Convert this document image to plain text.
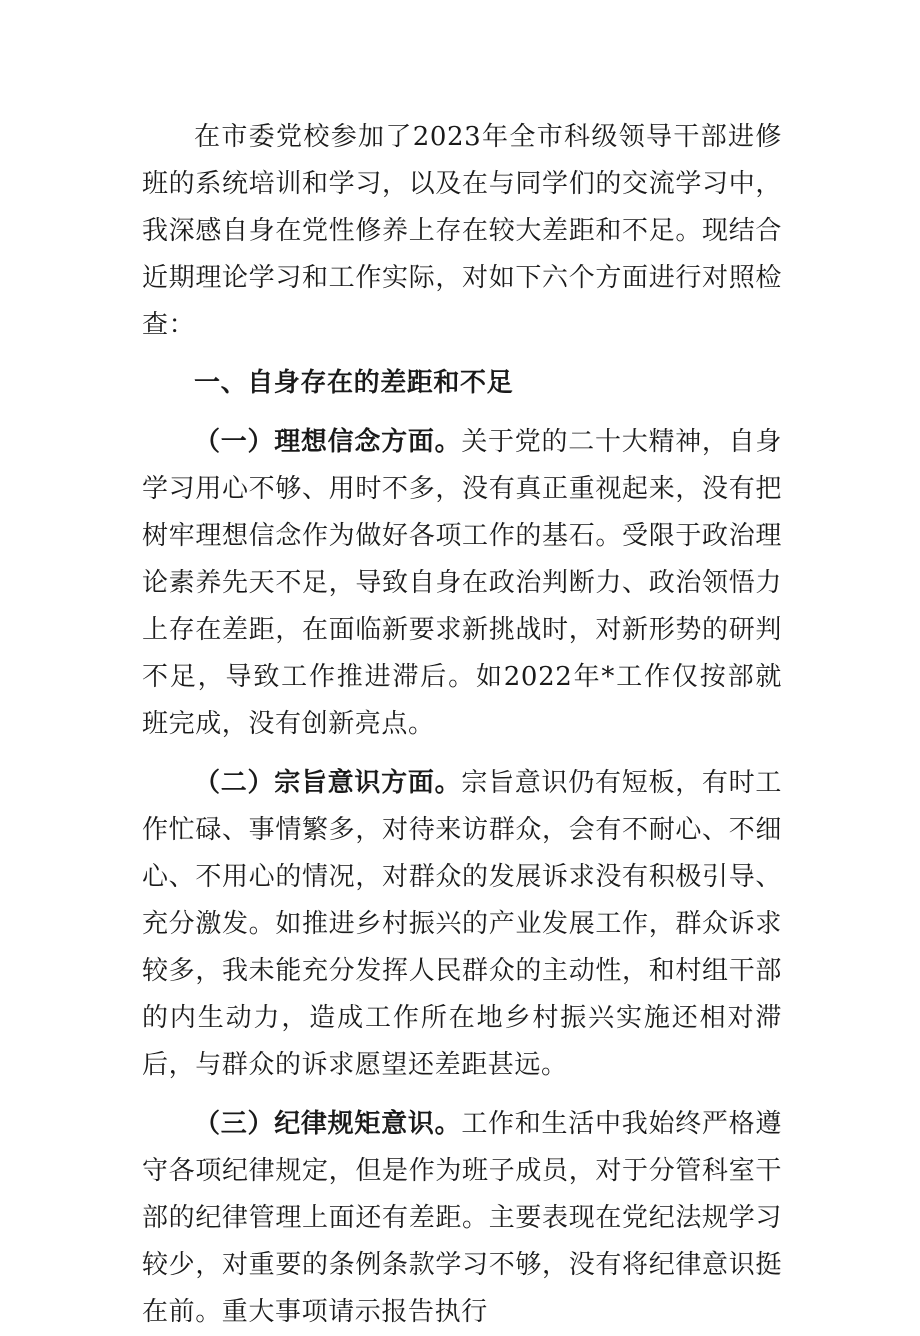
在市委党校参加了2023年全市科级领导干部进修班的系统培训和学习，以及在与同学们的交流学习中，我深感自身在党性修养上存在较大差距和不足。现结合近期理论学习和工作实际，对如下六个方面进行对照检查：

一、自身存在的差距和不足

（一）理想信念方面。关于党的二十大精神，自身学习用心不够、用时不多，没有真正重视起来，没有把树牢理想信念作为做好各项工作的基石。受限于政治理论素养先天不足，导致自身在政治判断力、政治领悟力上存在差距，在面临新要求新挑战时，对新形势的研判不足，导致工作推进滞后。如2022年*工作仅按部就班完成，没有创新亮点。

（二）宗旨意识方面。宗旨意识仍有短板，有时工作忙碌、事情繁多，对待来访群众，会有不耐心、不细心、不用心的情况，对群众的发展诉求没有积极引导、充分激发。如推进乡村振兴的产业发展工作，群众诉求较多，我未能充分发挥人民群众的主动性，和村组干部的内生动力，造成工作所在地乡村振兴实施还相对滞后，与群众的诉求愿望还差距甚远。

（三）纪律规矩意识。工作和生活中我始终严格遵守各项纪律规定，但是作为班子成员，对于分管科室干部的纪律管理上面还有差距。主要表现在党纪法规学习较少，对重要的条例条款学习不够，没有将纪律意识挺在前。重大事项请示报告执行
